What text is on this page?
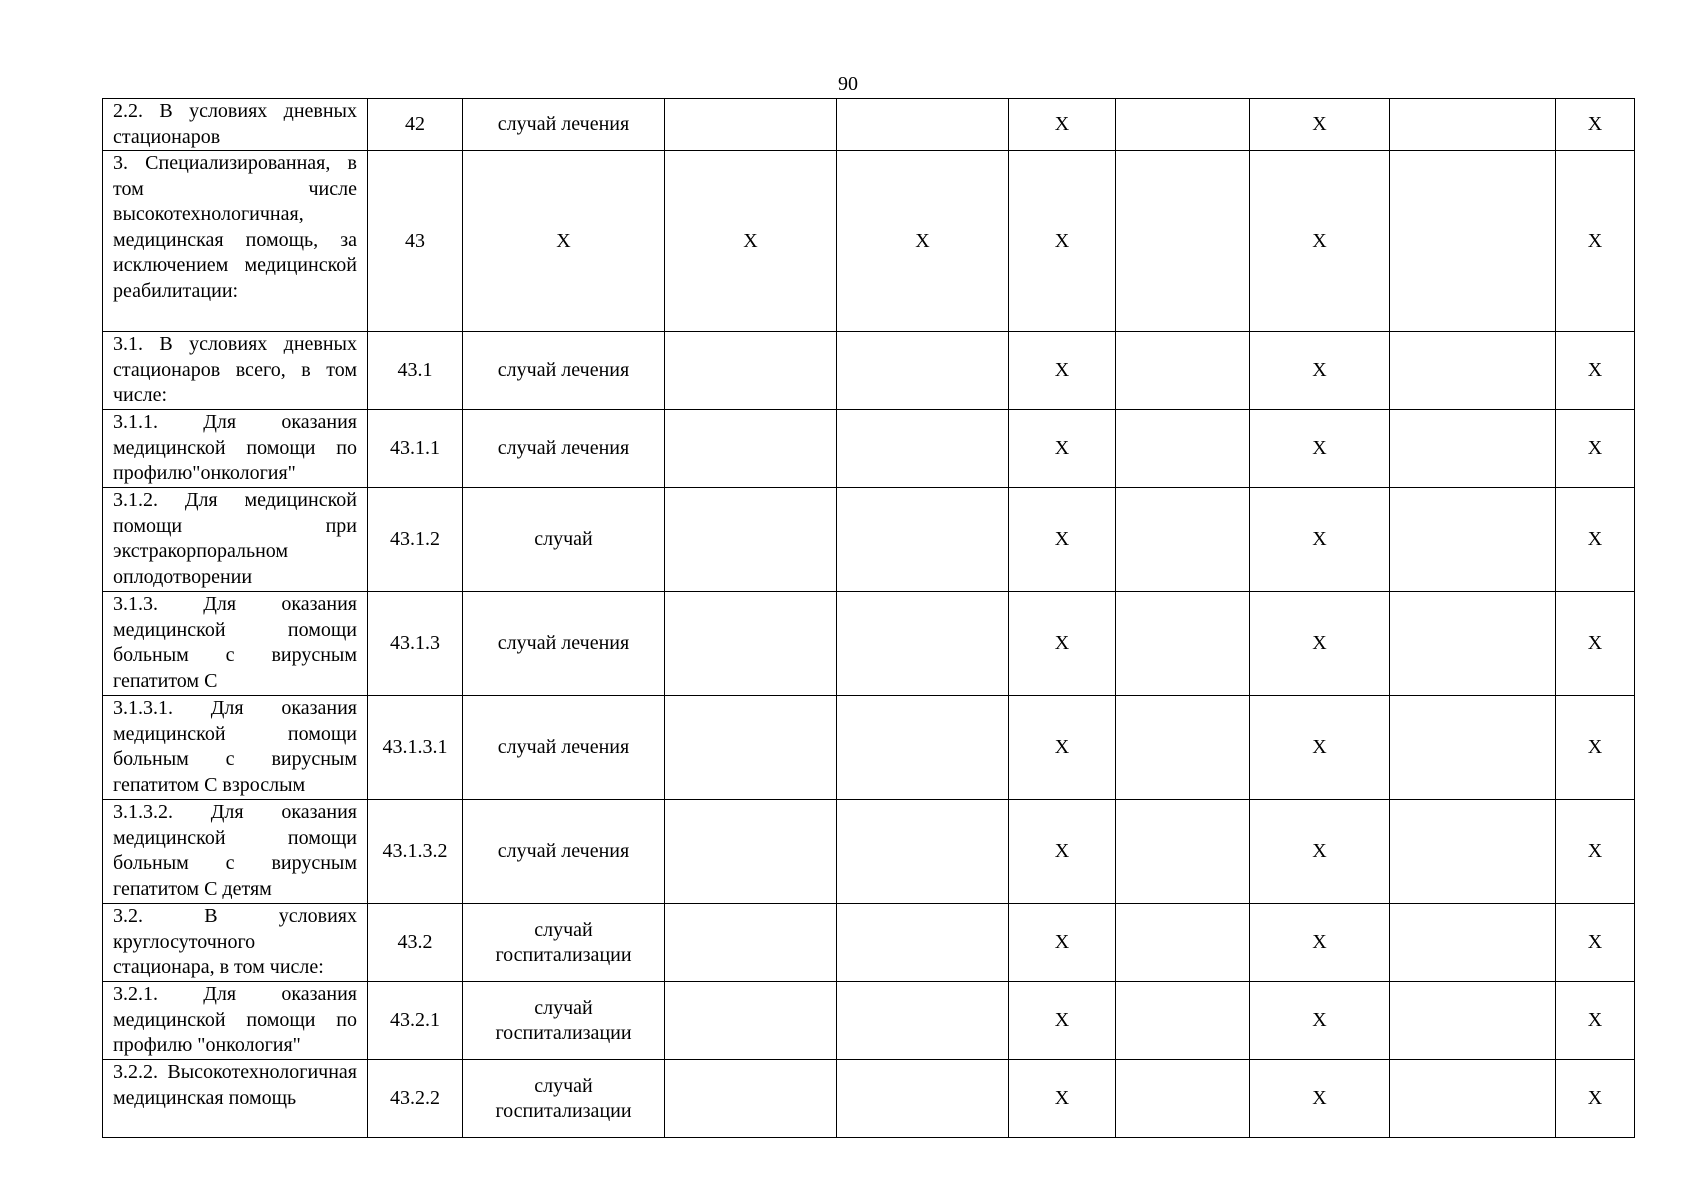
90
2.2. В условиях дневных стационаров	42	случай лечения			X		X		X
3. Специализированная, в том числе высокотехнологичная, медицинская помощь, за исключением медицинской реабилитации:	43	X	X	X	X		X		X
3.1. В условиях дневных стационаров всего, в том числе:	43.1	случай лечения			X		X		X
3.1.1. Для оказания медицинской помощи по профилю"онкология"	43.1.1	случай лечения			X		X		X
3.1.2. Для медицинской помощи при экстракорпоральном оплодотворении	43.1.2	случай			X		X		X
3.1.3. Для оказания медицинской помощи больным с вирусным гепатитом С	43.1.3	случай лечения			X		X		X
3.1.3.1. Для оказания медицинской помощи больным с вирусным гепатитом С взрослым	43.1.3.1	случай лечения			X		X		X
3.1.3.2. Для оказания медицинской помощи больным с вирусным гепатитом С детям	43.1.3.2	случай лечения			X		X		X
3.2. В условиях круглосуточного стационара, в том числе:	43.2	случай госпитализации			X		X		X
3.2.1. Для оказания медицинской помощи по профилю "онкология"	43.2.1	случай госпитализации			X		X		X
3.2.2. Высокотехнологичная медицинская помощь	43.2.2	случай госпитализации			X		X		X
